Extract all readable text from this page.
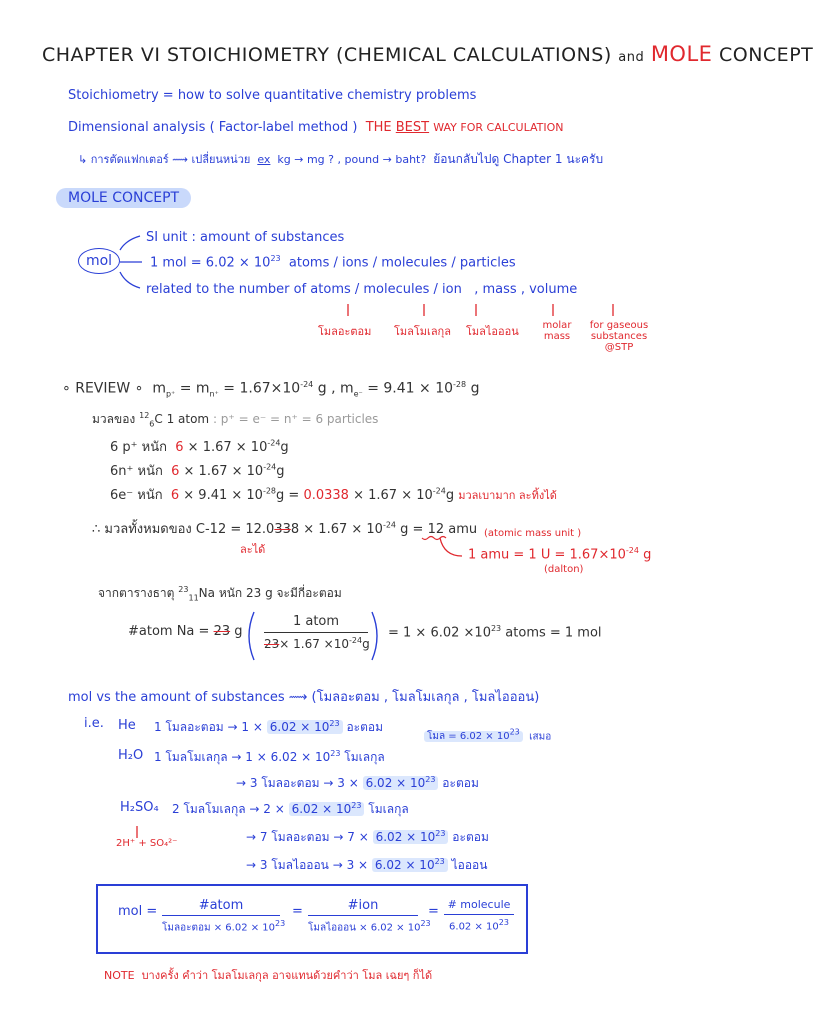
CHAPTER VI STOICHIOMETRY (CHEMICAL CALCULATIONS) and MOLE CONCEPT
Stoichiometry = how to solve quantitative chemistry problems
Dimensional analysis ( Factor-label method ) THE BEST WAY FOR CALCULATION
↳ การตัดแฟกเตอร์ ⟿ เปลี่ยนหน่วย ex kg → mg ? , pound → baht? ย้อนกลับไปดู Chapter 1 นะครับ
MOLE CONCEPT
mol
SI unit : amount of substances
1 mol = $6.02 \times 10^{23}$ atoms / ions / molecules / particles
related to the number of atoms / molecules / ion , mass , volume
โมลอะตอม โมลโมเลกุล โมลไอออน	molar mass
for gaseous substances @STP
∘ REVIEW ∘ $m_{p^+} = m_{n^+} = 1.67\times 10^{-24}$ g , $m_{e^-} = 9.41 \times 10^{-28}$ g
มวลของ $^{12}_6$C 1 atom : p⁺ = e⁻ = n⁺ = 6 particles
6 p⁺ หนัก $6 \times 1.67 \times 10^{-24}g$
6n⁺ หนัก $6 \times 1.67 \times 10^{-24}g$
6e⁻ หนัก $6 \times 9.41 \times 10^{-28}g = 0.0338 \times 1.67 \times 10^{-24}g$ มวลเบามาก ละทิ้งได้
∴ มวลทั้งหมดของ $C-12 = 12.0338 \times 1.67 \times 10^{-24}$ g = 12 amu
ละได้
(atomic mass unit )
1 amu = 1 $U = 1.67\times 10^{-24}$ g
(dalton)
จากตารางธาตุ $^{23}_{11}$Na หนัก 23 g จะมีกี่อะตอม
#atom Na = 23 g
1 atom
$23\times 1.67 \times 10^{-24}g$
= $1 \times 6.02 \times 10^{23}$ atoms = 1 mol
mol vs the amount of substances ⟿ (โมลอะตอม , โมลโมเลกุล , โมลไอออน)
i.e. He 1 โมลอะตอม → $1 \times 6.02 \times 10^{23}$ อะตอม
โมล = $6.02 \times 10^{23}$ เสมอ
H₂O 1 โมลโมเลกุล → $1 \times 6.02 \times 10^{23}$ โมเลกุล
→ 3 โมลอะตอม → $3 \times 6.02 \times 10^{23}$ อะตอม
H₂SO₄
2H⁺ + SO₄²⁻
2 โมลโมเลกุล → $2 \times 6.02 \times 10^{23}$ โมเลกุล
→ 7 โมลอะตอม → $7 \times 6.02 \times 10^{23}$ อะตอม
→ 3 โมลไอออน → $3 \times 6.02 \times 10^{23}$ ไอออน
mol =	#atom
โมลอะตอม × $6.02 \times 10^{23}$
=	#ion
โมลไอออน × $6.02 \times 10^{23}$
= # molecule
$6.02 \times 10^{23}$
NOTE บางครั้ง คำว่า โมลโมเลกุล อาจแทนด้วยคำว่า โมล เฉยๆ ก็ได้
